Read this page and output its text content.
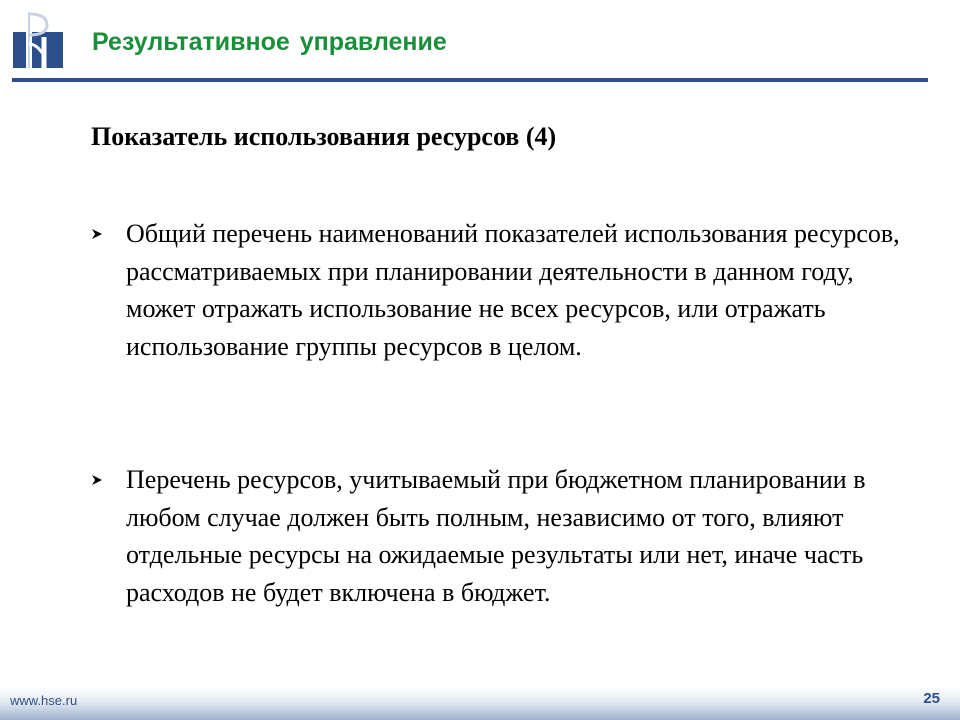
Результативное управление
Показатель использования ресурсов (4)
Общий перечень наименований показателей использования ресурсов, рассматриваемых при планировании деятельности в данном году, может отражать использование не всех ресурсов, или отражать использование группы ресурсов в целом.
Перечень ресурсов, учитываемый при бюджетном планировании в любом случае должен быть полным, независимо от того, влияют отдельные ресурсы на ожидаемые результаты или нет, иначе часть расходов не будет включена в бюджет.
www.hse.ru	25
